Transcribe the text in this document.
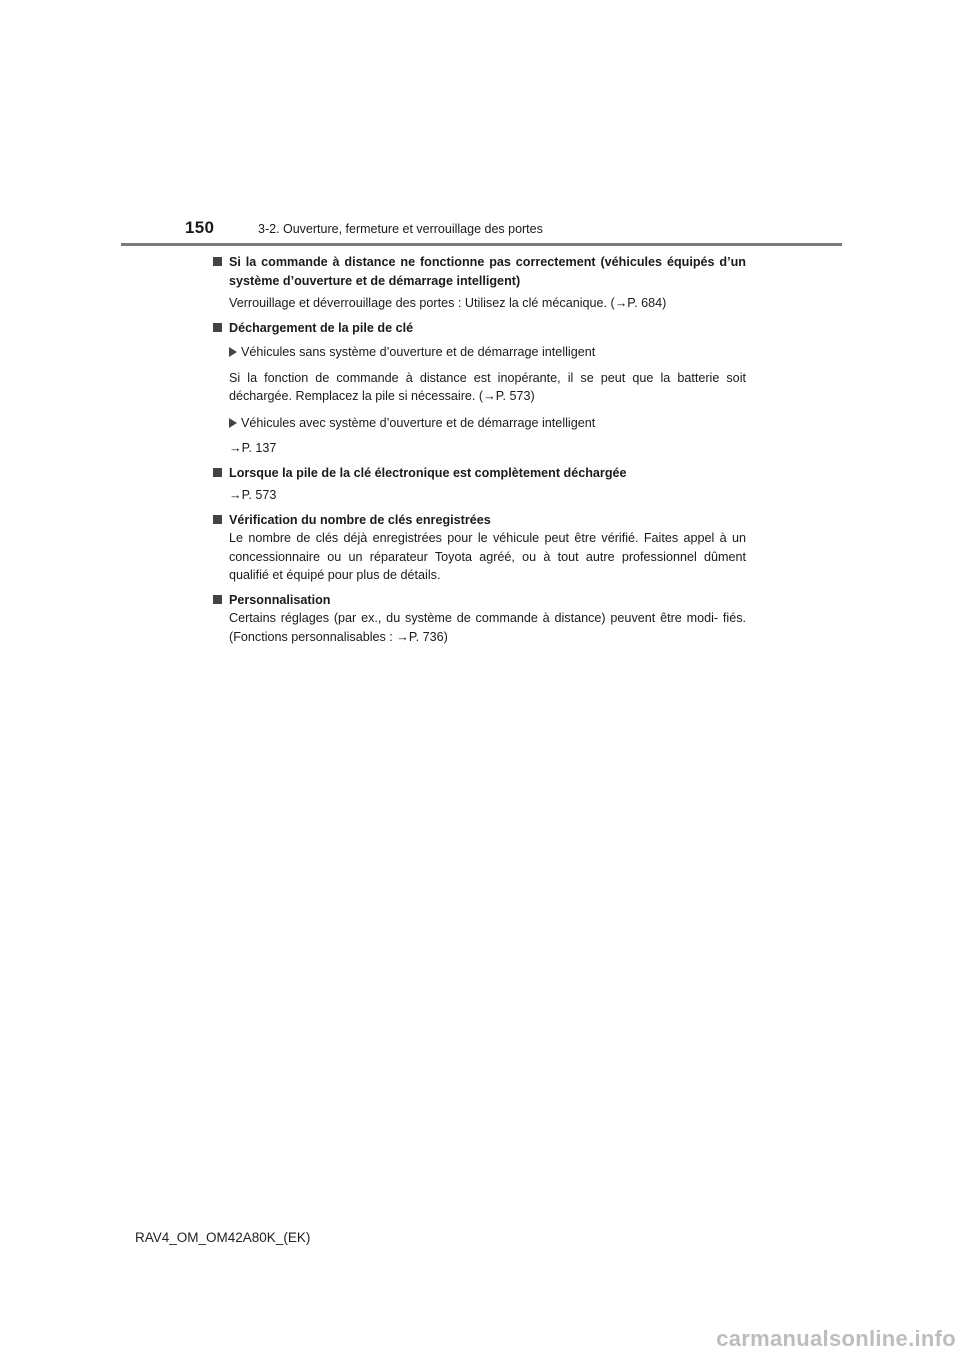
150	3-2. Ouverture, fermeture et verrouillage des portes
Si la commande à distance ne fonctionne pas correctement (véhicules équipés d’un système d’ouverture et de démarrage intelligent)
Verrouillage et déverrouillage des portes : Utilisez la clé mécanique. (→P. 684)
Déchargement de la pile de clé
Véhicules sans système d’ouverture et de démarrage intelligent
Si la fonction de commande à distance est inopérante, il se peut que la batterie soit déchargée. Remplacez la pile si nécessaire. (→P. 573)
Véhicules avec système d’ouverture et de démarrage intelligent
→P. 137
Lorsque la pile de la clé électronique est complètement déchargée
→P. 573
Vérification du nombre de clés enregistrées
Le nombre de clés déjà enregistrées pour le véhicule peut être vérifié. Faites appel à un concessionnaire ou un réparateur Toyota agréé, ou à tout autre professionnel dûment qualifié et équipé pour plus de détails.
Personnalisation
Certains réglages (par ex., du système de commande à distance) peuvent être modi- fiés. (Fonctions personnalisables : →P. 736)
RAV4_OM_OM42A80K_(EK)
carmanualsonline.info
